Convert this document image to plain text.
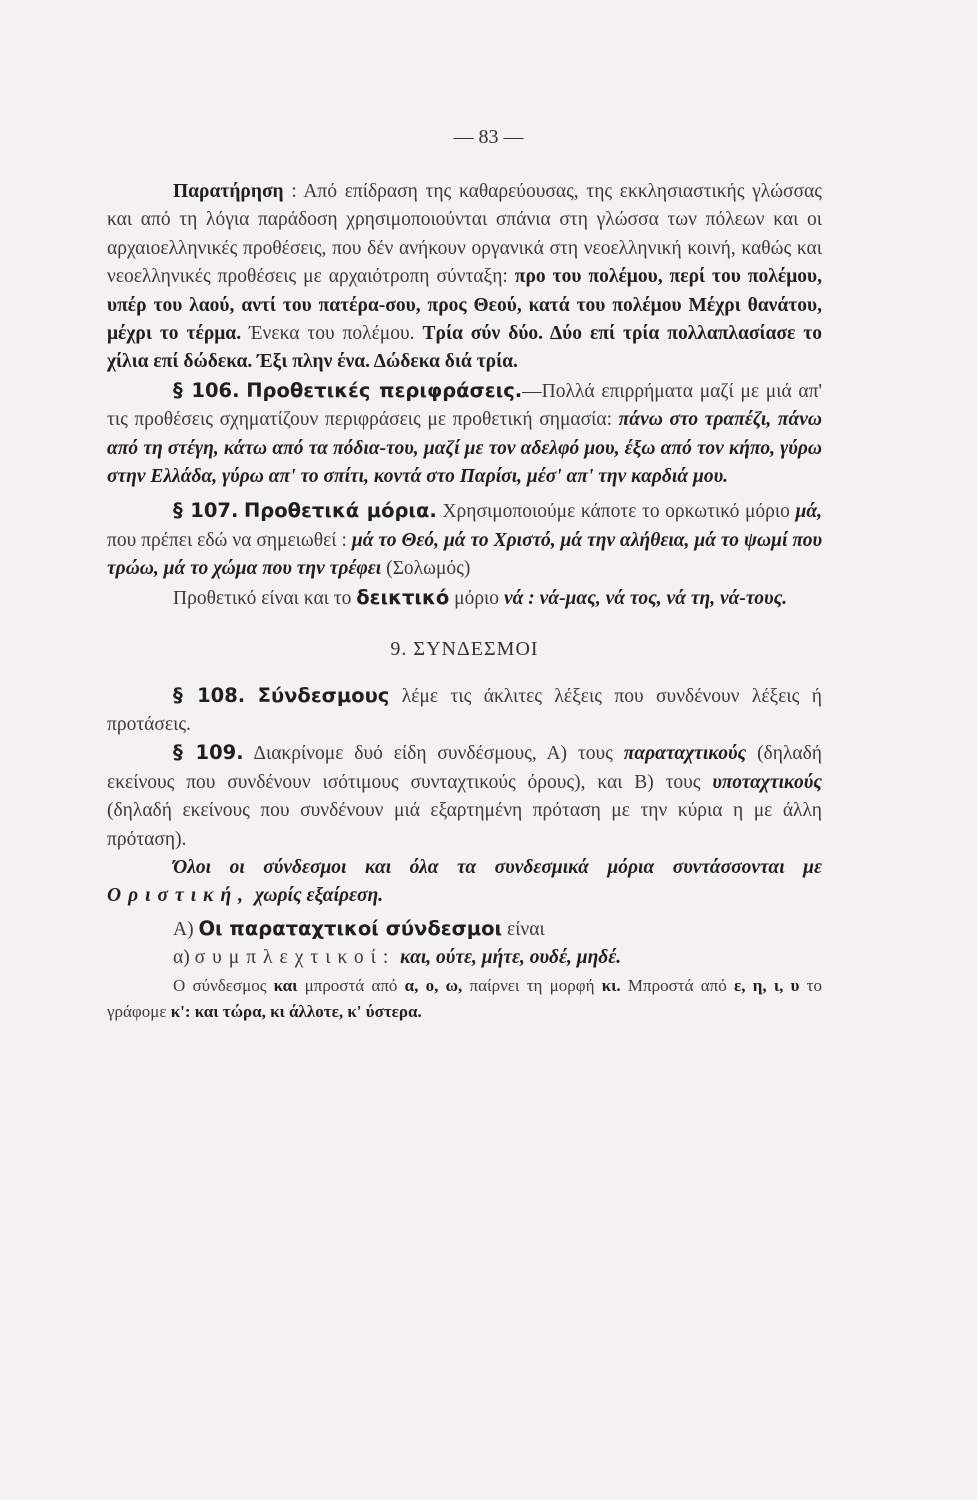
— 83 —

Παρατήρηση : Από επίδραση της καθαρεύουσας, της εκκλησιαστικής γλώσσας και από τη λόγια παράδοση χρησιμοποιούνται σπάνια στη γλώσσα των πόλεων και οι αρχαιοελληνικές προθέσεις, που δέν ανήκουν οργανικά στη νεοελληνική κοινή, καθώς και νεοελληνικές προθέσεις με αρχαιότροπη σύνταξη: προ του πολέμου, περί του πολέμου, υπέρ του λαού, αντί του πατέρα-σου, προς Θεού, κατά του πολέμου Μέχρι θανάτου, μέχρι το τέρμα. Ένεκα του πολέμου. Τρία σύν δύο. Δύο επί τρία πολλαπλασίασε το χίλια επί δώδεκα. Έξι πλην ένα. Δώδεκα διά τρία.

§ 106. Προθετικές περιφράσεις.—Πολλά επιρρήματα μαζί με μιά απ' τις προθέσεις σχηματίζουν περιφράσεις με προθετική σημασία: πάνω στο τραπέζι, πάνω από τη στέγη, κάτω από τα πόδια-του, μαζί με τον αδελφό μου, έξω από τον κήπο, γύρω στην Ελλάδα, γύρω απ' το σπίτι, κοντά στο Παρίσι, μέσ' απ' την καρδιά μου.

§ 107. Προθετικά μόρια. Χρησιμοποιούμε κάποτε το ορκωτικό μόριο μά, που πρέπει εδώ να σημειωθεί : μά το Θεό, μά το Χριστό, μά την αλήθεια, μά το ψωμί που τρώω, μά το χώμα που την τρέφει (Σολωμός)

Προθετικό είναι και το δεικτικό μόριο νά : νά-μας, νά τος, νά τη, νά-τους.

9. ΣΥΝΔΕΣΜΟΙ

§ 108. Σύνδεσμους λέμε τις άκλιτες λέξεις που συνδένουν λέξεις ή προτάσεις.

§ 109. Διακρίνομε δυό είδη συνδέσμους, Α) τους παραταχτικούς (δηλαδή εκείνους που συνδένουν ισότιμους συνταχτικούς όρους), και Β) τους υποταχτικούς (δηλαδή εκείνους που συνδένουν μιά εξαρτημένη πρόταση με την κύρια η με άλλη πρόταση).

Όλοι οι σύνδεσμοι και όλα τα συνδεσμικά μόρια συντάσσονται με Οριστική, χωρίς εξαίρεση.

Α) Οι παραταχτικοί σύνδεσμοι είναι

α) συμπλεχτικοί: και, ούτε, μήτε, ουδέ, μηδέ.

Ο σύνδεσμος και μπροστά από α, ο, ω, παίρνει τη μορφή κι. Μπροστά από ε, η, ι, υ το γράφομε κ': και τώρα, κι άλλοτε, κ' ύστερα.
